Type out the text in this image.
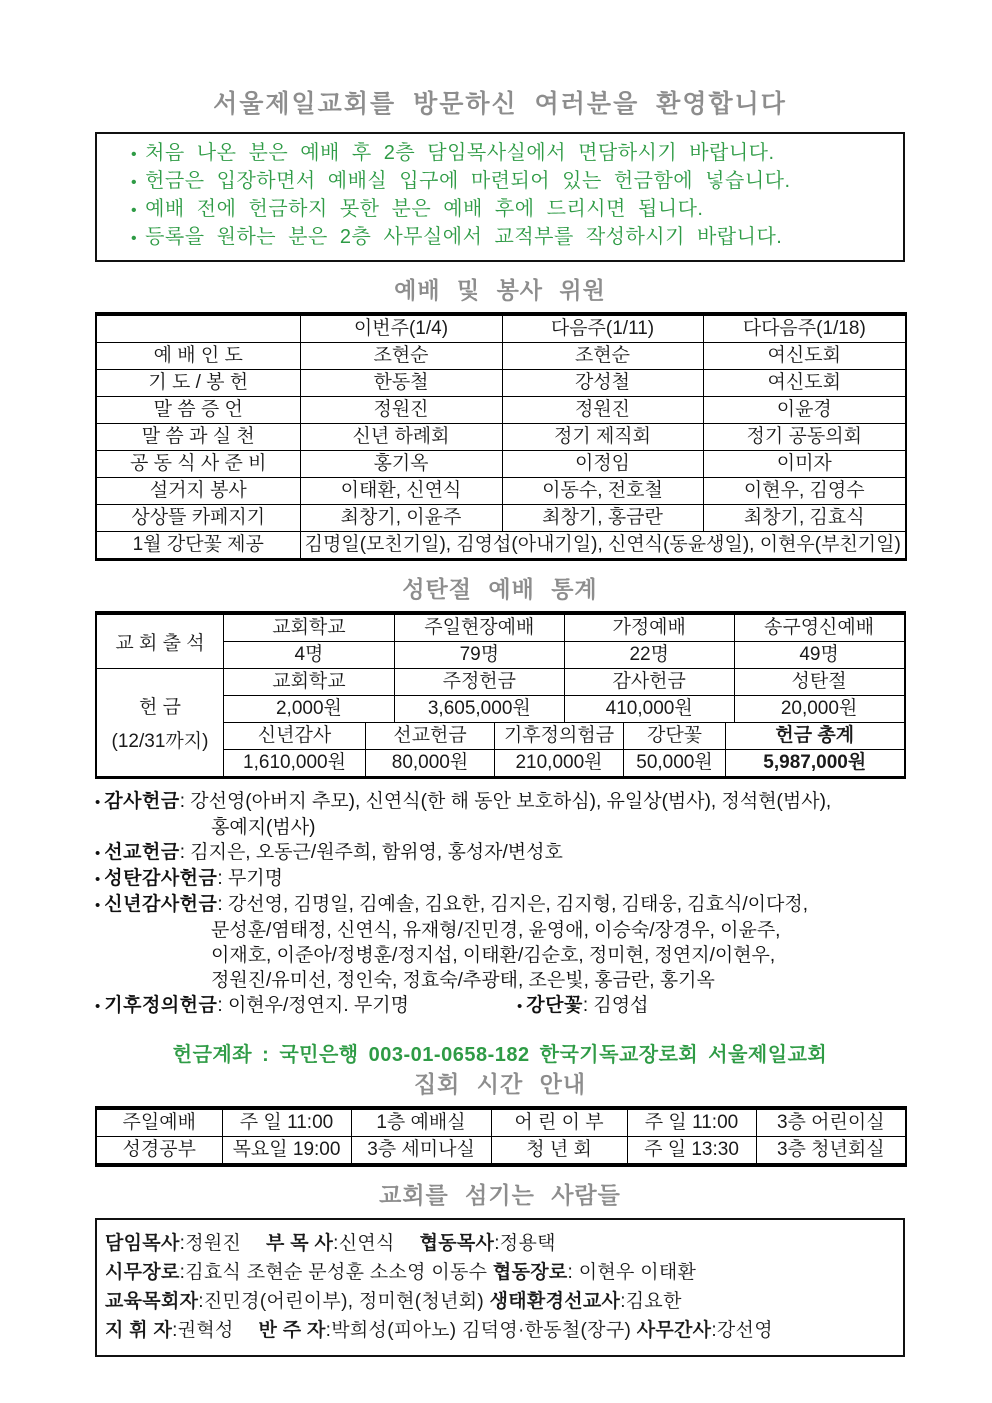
서울제일교회를 방문하신 여러분을 환영합니다
• 처음 나온 분은 예배 후 2층 담임목사실에서 면담하시기 바랍니다.
• 헌금은 입장하면서 예배실 입구에 마련되어 있는 헌금함에 넣습니다.
• 예배 전에 헌금하지 못한 분은 예배 후에 드리시면 됩니다.
• 등록을 원하는 분은 2층 사무실에서 교적부를 작성하시기 바랍니다.
예배 및 봉사 위원
	이번주(1/4)	다음주(1/11)	다다음주(1/18)
예 배 인 도	조현순	조현순	여신도회
기 도 / 봉 헌	한동철	강성철	여신도회
말 씀 증 언	정원진	정원진	이윤경
말 씀 과 실 천	신년 하례회	정기 제직회	정기 공동의회
공 동 식 사 준 비	홍기옥	이정임	이미자
설거지 봉사	이태환, 신연식	이동수, 전호철	이현우, 김영수
상상뜰 카페지기	최창기, 이윤주	최창기, 홍금란	최창기, 김효식
1월 강단꽃 제공	김명일(모친기일), 김영섭(아내기일), 신연식(동윤생일), 이현우(부친기일)		
성탄절 예배 통계
교 회 출 석
교회학교	주일현장예배	가정예배	송구영신예배
4명	79명	22명	49명
헌 금
(12/31까지)
교회학교	주정헌금	감사헌금	성탄절
2,000원	3,605,000원	410,000원	20,000원
신년감사	선교헌금	기후정의험금	강단꽃	헌금 총계
1,610,000원	80,000원	210,000원	50,000원	5,987,000원
• 감사헌금: 강선영(아버지 추모), 신연식(한 해 동안 보호하심), 유일상(범사), 정석현(범사),
홍예지(범사)
• 선교헌금: 김지은, 오동근/원주희, 함위영, 홍성자/변성호
• 성탄감사헌금: 무기명
• 신년감사헌금: 강선영, 김명일, 김예솔, 김요한, 김지은, 김지형, 김태웅, 김효식/이다정,
문성훈/염태정, 신연식, 유재형/진민경, 윤영애, 이승숙/장경우, 이윤주,
이재호, 이준아/정병훈/정지섭, 이태환/김순호, 정미현, 정연지/이현우,
정원진/유미선, 정인숙, 정효숙/추광태, 조은빛, 홍금란, 홍기옥
• 기후정의헌금: 이현우/정연지. 무기명	• 강단꽃: 김영섭
헌금계좌 : 국민은행 003-01-0658-182 한국기독교장로회 서울제일교회
집회 시간 안내
주일예배	주 일 11:00	1층 예배실	어 린 이 부	주 일 11:00	3층 어린이실
성경공부	목요일 19:00	3층 세미나실	청 년 회	주 일 13:30	3층 청년회실
교회를 섬기는 사람들
담임목사:정원진　 부 목 사:신연식　 협동목사:정용택
시무장로:김효식 조현순 문성훈 소소영 이동수 협동장로: 이현우 이태환
교육목회자:진민경(어린이부), 정미현(청년회) 생태환경선교사:김요한
지 휘 자:권혁성　 반 주 자:박희성(피아노) 김덕영·한동철(장구) 사무간사:강선영
